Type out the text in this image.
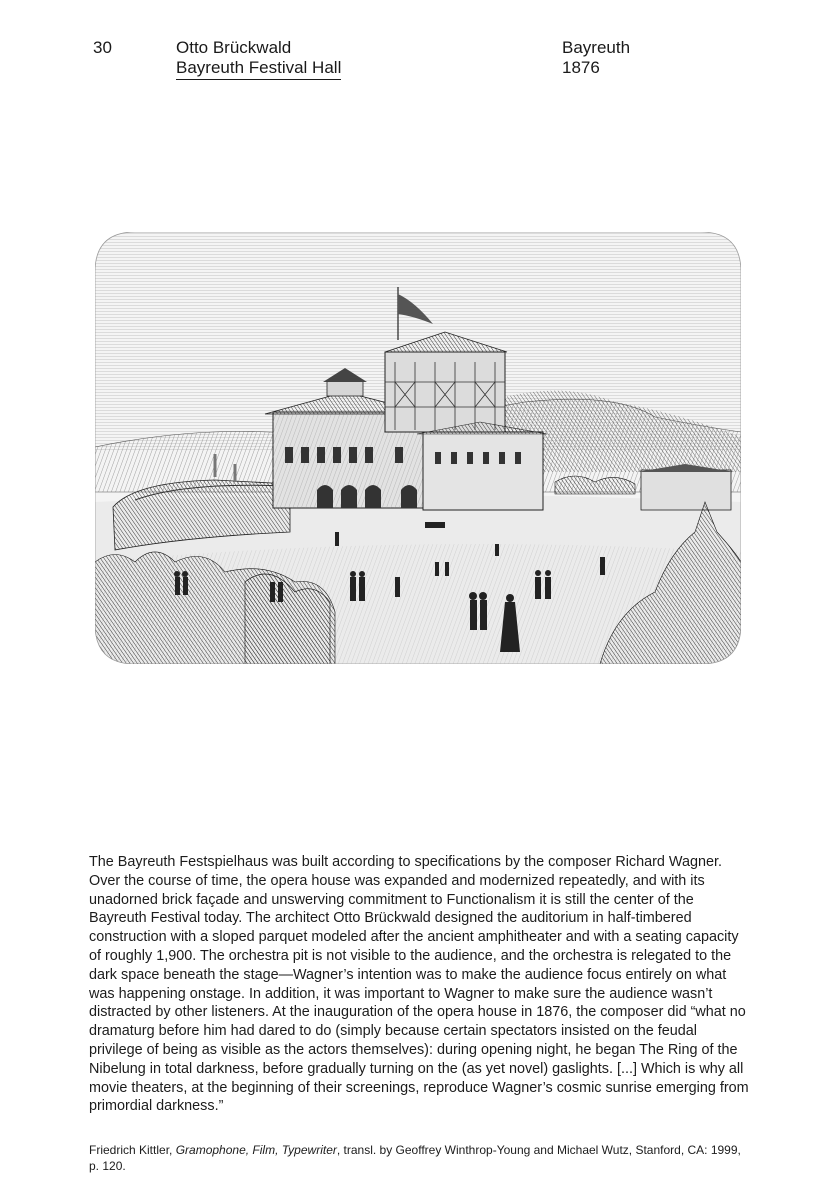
30	Otto Brückwald
Bayreuth Festival Hall
Bayreuth
1876

The Bayreuth Festspielhaus was built according to specifications by the composer Richard Wagner. Over the course of time, the opera house was expanded and modernized repeatedly, and with its unadorned brick façade and unswerving commitment to Functionalism it is still the center of the Bayreuth Festival today. The architect Otto Brückwald designed the auditorium in half-timbered construction with a sloped parquet modeled after the ancient amphitheater and with a seating capacity of roughly 1,900. The orchestra pit is not visible to the audience, and the orchestra is relegated to the dark space beneath the stage—Wagner’s intention was to make the audience focus entirely on what was happening onstage. In addition, it was important to Wagner to make sure the audience wasn’t distracted by other listeners. At the inauguration of the opera house in 1876, the composer did “what no dramaturg before him had dared to do (simply because certain spectators insisted on the feudal privilege of being as visible as the actors themselves): during opening night, he began The Ring of the Nibelung in total darkness, before gradually turning on the (as yet novel) gaslights. [...] Which is why all movie theaters, at the beginning of their screenings, reproduce Wagner’s cosmic sunrise emerging from primordial darkness.”

Friedrich Kittler, Gramophone, Film, Typewriter, transl. by Geoffrey Winthrop-Young and Michael Wutz, Stanford, CA: 1999, p. 120.
